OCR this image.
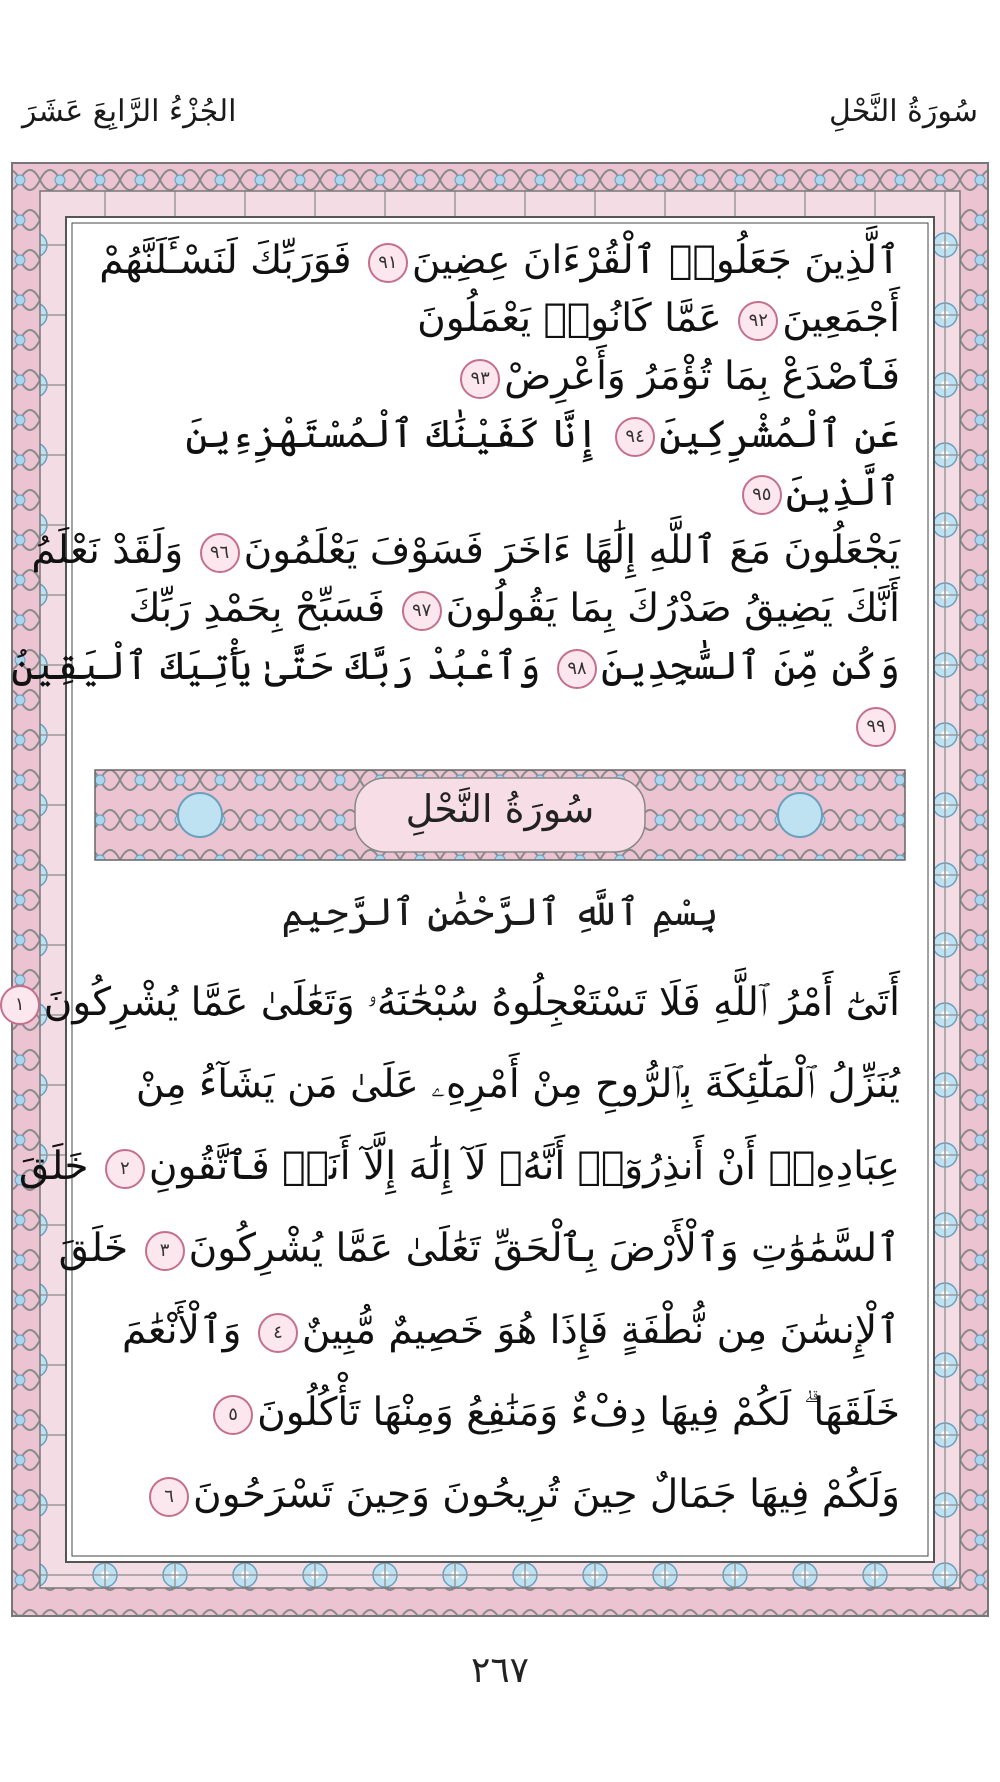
الجُزْءُ الرَّابِعَ عَشَرَ	سُورَةُ النَّحْلِ
سُورَةُ النَّحْلِ
ٱلَّذِينَ جَعَلُوا۟ ٱلْقُرْءَانَ عِضِينَ٩١ فَوَرَبِّكَ لَنَسْـَٔلَنَّهُمْ
أَجْمَعِينَ٩٢ عَمَّا كَانُوا۟ يَعْمَلُونَ
فَٱصْدَعْ بِمَا تُؤْمَرُ وَأَعْرِضْ٩٣
عَنِ ٱلْمُشْرِكِينَ٩٤ إِنَّا كَفَيْنَٰكَ ٱلْمُسْتَهْزِءِينَ
ٱلَّذِينَ٩٥
يَجْعَلُونَ مَعَ ٱللَّهِ إِلَٰهًا ءَاخَرَ فَسَوْفَ يَعْلَمُونَ٩٦ وَلَقَدْ نَعْلَمُ
أَنَّكَ يَضِيقُ صَدْرُكَ بِمَا يَقُولُونَ٩٧ فَسَبِّحْ بِحَمْدِ رَبِّكَ
وَكُن مِّنَ ٱلسَّٰجِدِينَ٩٨ وَٱعْبُدْ رَبَّكَ حَتَّىٰ يَأْتِيَكَ ٱلْيَقِينُ
٩٩
بِسْمِ ٱللَّهِ ٱلرَّحْمَٰنِ ٱلرَّحِيمِ
أَتَىٰٓ أَمْرُ ٱللَّهِ فَلَا تَسْتَعْجِلُوهُ سُبْحَٰنَهُۥ وَتَعَٰلَىٰ عَمَّا يُشْرِكُونَ١
يُنَزِّلُ ٱلْمَلَٰٓئِكَةَ بِٱلرُّوحِ مِنْ أَمْرِهِۦ عَلَىٰ مَن يَشَآءُ مِنْ
عِبَادِهِۦٓ أَنْ أَنذِرُوٓا۟ أَنَّهُۥ لَآ إِلَٰهَ إِلَّآ أَنَا۠ فَٱتَّقُونِ٢ خَلَقَ
ٱلسَّمَٰوَٰتِ وَٱلْأَرْضَ بِٱلْحَقِّ تَعَٰلَىٰ عَمَّا يُشْرِكُونَ٣ خَلَقَ
ٱلْإِنسَٰنَ مِن نُّطْفَةٍ فَإِذَا هُوَ خَصِيمٌ مُّبِينٌ٤ وَٱلْأَنْعَٰمَ
خَلَقَهَا ۗ لَكُمْ فِيهَا دِفْءٌ وَمَنَٰفِعُ وَمِنْهَا تَأْكُلُونَ٥
وَلَكُمْ فِيهَا جَمَالٌ حِينَ تُرِيحُونَ وَحِينَ تَسْرَحُونَ٦
٢٦٧
